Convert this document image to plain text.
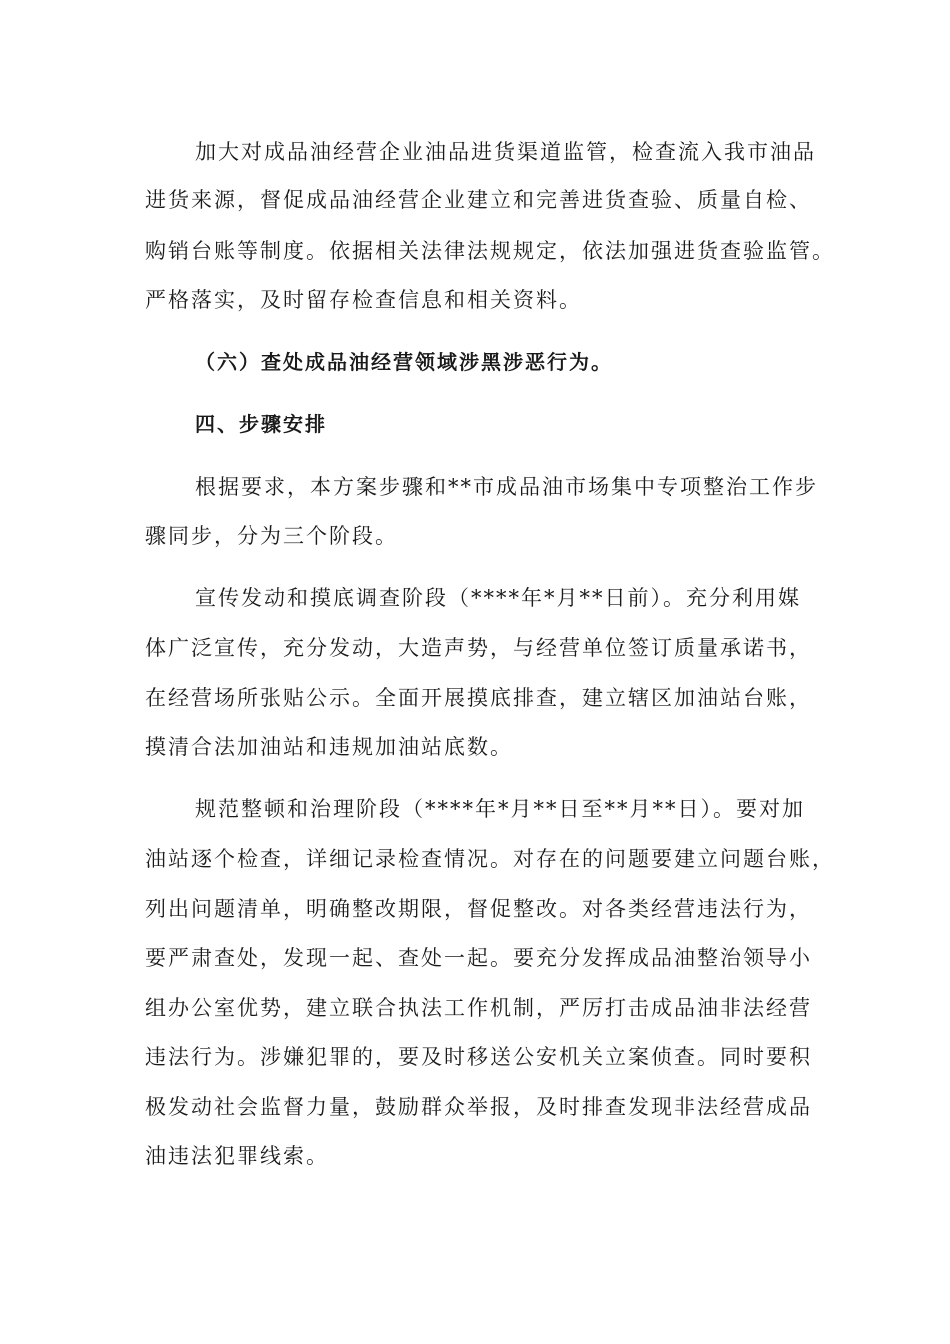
加大对成品油经营企业油品进货渠道监管，检查流入我市油品
进货来源，督促成品油经营企业建立和完善进货查验、质量自检、
购销台账等制度。依据相关法律法规规定，依法加强进货查验监管。
严格落实，及时留存检查信息和相关资料。
（六）查处成品油经营领域涉黑涉恶行为。
四、步骤安排
根据要求，本方案步骤和**市成品油市场集中专项整治工作步
骤同步，分为三个阶段。
宣传发动和摸底调查阶段（****年*月**日前）。充分利用媒
体广泛宣传，充分发动，大造声势，与经营单位签订质量承诺书，
在经营场所张贴公示。全面开展摸底排查，建立辖区加油站台账，
摸清合法加油站和违规加油站底数。
规范整顿和治理阶段（****年*月**日至**月**日）。要对加
油站逐个检查，详细记录检查情况。对存在的问题要建立问题台账，
列出问题清单，明确整改期限，督促整改。对各类经营违法行为，
要严肃查处，发现一起、查处一起。要充分发挥成品油整治领导小
组办公室优势，建立联合执法工作机制，严厉打击成品油非法经营
违法行为。涉嫌犯罪的，要及时移送公安机关立案侦查。同时要积
极发动社会监督力量，鼓励群众举报，及时排查发现非法经营成品
油违法犯罪线索。
